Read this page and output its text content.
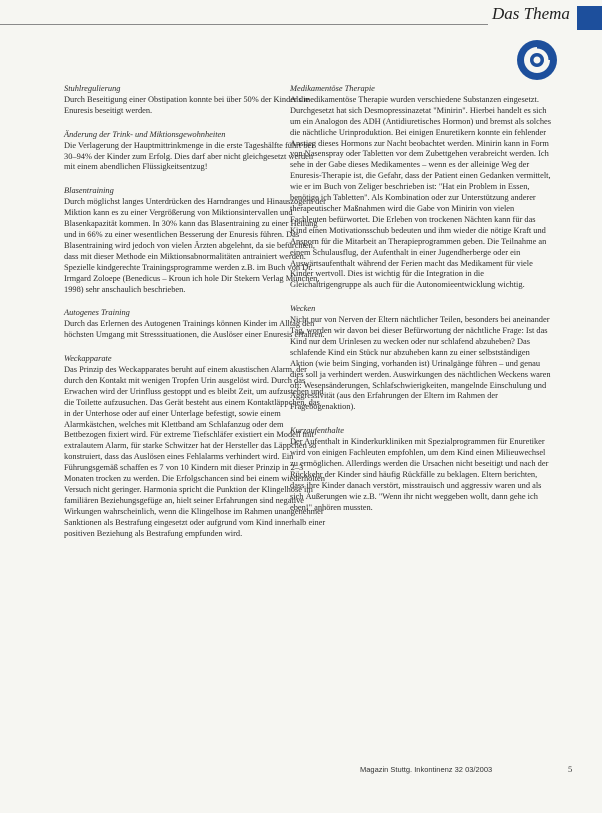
Das Thema

Stuhlregulierung

Durch Beseitigung einer Obstipation konnte bei über 50% der Kinder die Enuresis beseitigt werden.

Änderung der Trink- und Miktionsgewohnheiten

Die Verlagerung der Hauptmittrinkmenge in die erste Tageshälfte führt bei 30–94% der Kinder zum Erfolg. Dies darf aber nicht gleichgesetzt werden mit einem abendlichen Flüssigkeitsentzug!

Blasentraining

Durch möglichst langes Unterdrücken des Harndranges und Hinauszögern der Miktion kann es zu einer Vergrößerung von Miktionsintervallen und Blasenkapazität kommen. In 30% kann das Blasentraining zu einer Heilung und in 66% zu einer wesentlichen Besserung der Enuresis führen. Das Blasentraining wird jedoch von vielen Ärzten abgelehnt, da sie befürchten, dass mit dieser Methode ein Miktionsabnormalitäten antrainiert werden. Spezielle kindgerechte Trainingsprogramme werden z.B. im Buch von Dr. Irmgard Zoloepe (Benedicus – Kroun ich hole Dir Stekern Verlag München, 1998) sehr anschaulich beschrieben.

Autogenes Training

Durch das Erlernen des Autogenen Trainings können Kinder im Alltag den höchsten Umgang mit Stresssituationen, die Auslöser einer Enuresis erfahren.

Weckapparate

Das Prinzip des Weckapparates beruht auf einem akustischen Alarm, der durch den Kontakt mit wenigen Tropfen Urin ausgelöst wird. Durch das Erwachen wird der Urinfluss gestoppt und es bleibt Zeit, um aufzustehen und die Toilette aufzusuchen. Das Gerät besteht aus einem Kontaktläppchen, das in der Unterhose oder auf einer Unterlage befestigt, sowie einem Alarmkästchen, welches mit Klettband am Schlafanzug oder dem Bettbezogen fixiert wird. Für extreme Tiefschläfer existiert ein Modell mit extralautem Alarm, für starke Schwitzer hat der Hersteller das Läppchen so konstruiert, dass das Auslösen eines Fehlalarms verhindert wird. Ein Führungsgemäß schaffen es 7 von 10 Kindern mit dieser Prinzip in 2–3 Monaten trocken zu werden. Die Erfolgschancen sind bei einem wiederholten Versuch nicht geringer. Harmonia spricht die Punktion der Klingelhose im familiären Beziehungsgefüge an, hielt seiner Erfahrungen sind negative Wirkungen wahrscheinlich, wenn die Klingelhose im Rahmen unangenehmer Sanktionen als Bestrafung eingesetzt oder aufgrund vom Kind innerhalb einer positiven Beziehung als Bestrafung empfunden wird.

Medikamentöse Therapie

Als medikamentöse Therapie wurden verschiedene Substanzen eingesetzt. Durchgesetzt hat sich Desmopressinazetat "Minirin". Hierbei handelt es sich um ein Analogon des ADH (Antidiuretisches Hormon) und bremst als solches die nächtliche Urinproduktion. Bei einigen Enuretikern konnte ein fehlender Anstieg dieses Hormons zur Nacht beobachtet werden. Minirin kann in Form von Nasenspray oder Tabletten vor dem Zubettgehen verabreicht werden. Ich sehe in der Gabe dieses Medikamentes – wenn es der alleinige Weg der Enuresis-Therapie ist, die Gefahr, dass der Patient einen Gedanken vermittelt, wie er im Buch von Zeliger beschrieben ist: "Hat ein Problem in Essen, benötige ich Tabletten". Als Kombination oder zur Unterstützung anderer therapeutischer Maßnahmen wird die Gabe von Minirin von vielen Fachleuten befürwortet. Die Erleben von trockenen Nächten kann für das Kind einen Motivationsschub bedeuten und ihm wieder die nötige Kraft und Ansporn für die Mitarbeit an Therapieprogrammen geben. Die Teilnahme an einem Schulausflug, der Aufenthalt in einer Jugendherberge oder ein Auswärtsaufenthalt während der Ferien macht das Medikament für viele Kinder wertvoll. Dies ist wichtig für die Integration in die Gleichaltrigengruppe als auch für die Autonomieentwicklung wichtig.

Wecken

Nicht nur von Nerven der Eltern nächtlicher Teilen, besonders bei aneinander Tag, worden wir davon bei dieser Befürwortung der nächtliche Frage: Ist das Kind nur dem Urinlesen zu wecken oder nur schlafend abzuheben? Das schlafende Kind ein Stück nur abzuheben kann zu einer selbstständigen Aktion (wie beim Singing, vorhanden ist) Urinalgänge führen – und genau dies soll ja verhindert werden. Auswirkungen des nächtlichen Weckens waren oft: Wesensänderungen, Schlafschwierigkeiten, mangelnde Einschulung und Aggressivität (aus den Erfahrungen der Eltern im Rahmen der Fragebogenaktion).

Kurzaufenthalte

Der Aufenthalt in Kinderkurkliniken mit Spezialprogrammen für Enuretiker wird von einigen Fachleuten empfohlen, um dem Kind einen Milieuwechsel zu ermöglichen. Allerdings werden die Ursachen nicht beseitigt und nach der Rückkehr der Kinder sind häufig Rückfälle zu beklagen. Eltern berichten, dass ihre Kinder danach verstört, misstrauisch und aggressiv waren und als sich Äußerungen wie z.B. "Wenn ihr nicht weggeben wollt, dann gehe ich eben!" anhören mussten.

Magazin Stuttg. Inkontinenz 32 03/2003	5
